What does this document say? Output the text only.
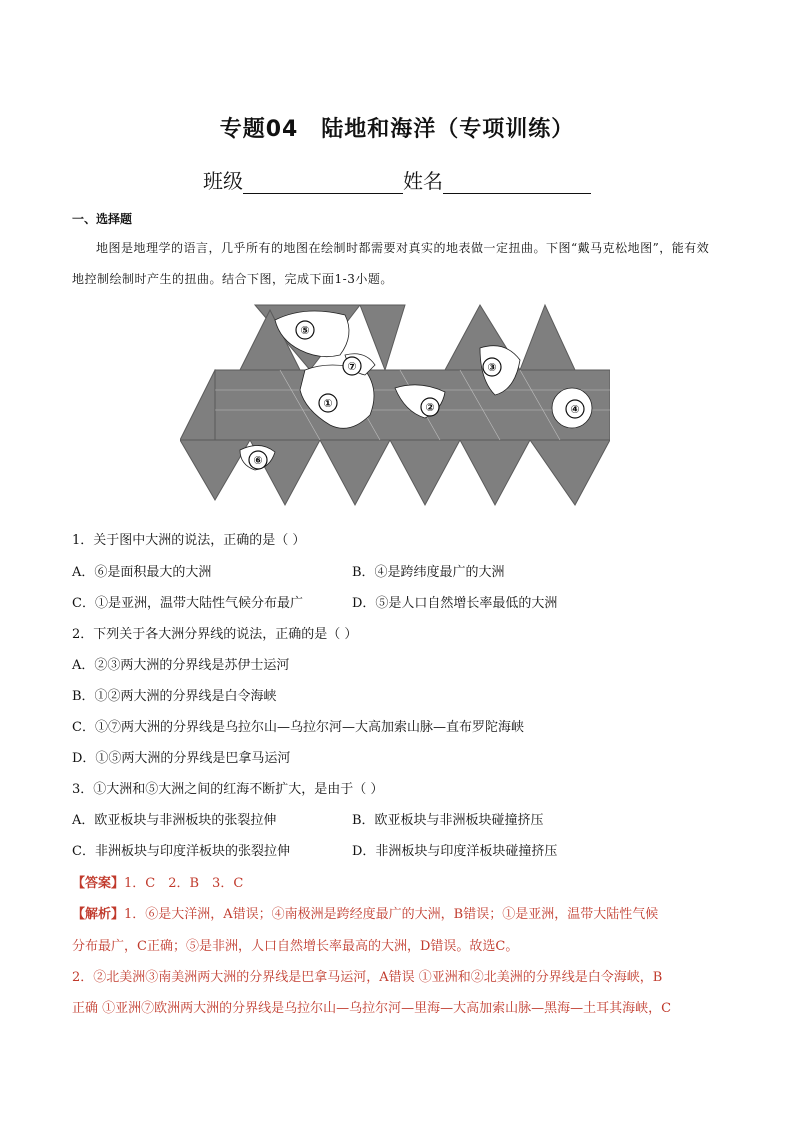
专题04　陆地和海洋（专项训练）
班级	姓名
一、选择题
地图是地理学的语言，几乎所有的地图在绘制时都需要对真实的地表做一定扭曲。下图“戴马克松地图”，能有效地控制绘制时产生的扭曲。结合下图，完成下面1-3小题。
⑤
⑦
①	②
③
④
⑥
1．关于图中大洲的说法，正确的是（ ）
A．⑥是面积最大的大洲	B．④是跨纬度最广的大洲
C．①是亚洲，温带大陆性气候分布最广	D．⑤是人口自然增长率最低的大洲
2．下列关于各大洲分界线的说法，正确的是（ ）
A．②③两大洲的分界线是苏伊士运河
B．①②两大洲的分界线是白令海峡
C．①⑦两大洲的分界线是乌拉尔山—乌拉尔河—大高加索山脉—直布罗陀海峡
D．①⑤两大洲的分界线是巴拿马运河
3．①大洲和⑤大洲之间的红海不断扩大，是由于（ ）
A．欧亚板块与非洲板块的张裂拉伸	B．欧亚板块与非洲板块碰撞挤压
C．非洲板块与印度洋板块的张裂拉伸	D．非洲板块与印度洋板块碰撞挤压
【答案】1．C　2．B　3．C
【解析】1．⑥是大洋洲，A错误；④南极洲是跨经度最广的大洲，B错误；①是亚洲，温带大陆性气候
分布最广，C正确；⑤是非洲，人口自然增长率最高的大洲，D错误。故选C。
2．②北美洲③南美洲两大洲的分界线是巴拿马运河，A错误 ①亚洲和②北美洲的分界线是白令海峡，B
正确 ①亚洲⑦欧洲两大洲的分界线是乌拉尔山—乌拉尔河—里海—大高加索山脉—黑海—土耳其海峡，C
